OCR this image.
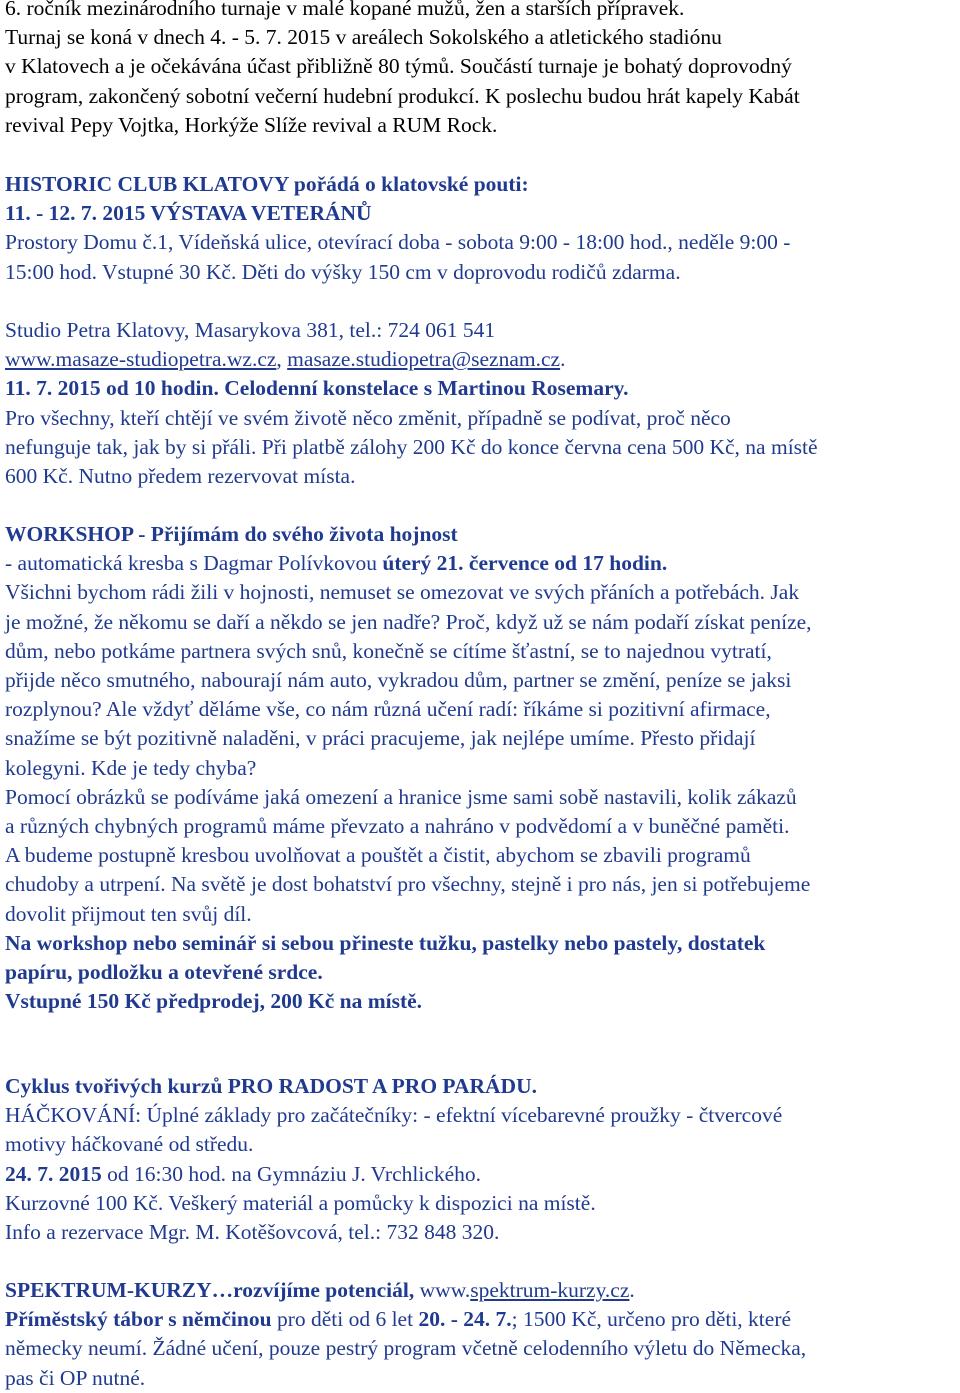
6. ročník mezinárodního turnaje v malé kopané mužů, žen a starších přípravek.
Turnaj se koná v dnech 4. - 5. 7. 2015 v areálech Sokolského a atletického stadiónu
v Klatovech a je očekávána účast přibližně 80 týmů. Součástí turnaje je bohatý doprovodný
program, zakončený sobotní večerní hudební produkcí. K poslechu budou hrát kapely Kabát
revival Pepy Vojtka, Horkýže Slíže revival a RUM Rock.
HISTORIC CLUB KLATOVY pořádá o klatovské pouti:
11. - 12. 7. 2015 VÝSTAVA VETERÁNŮ
Prostory Domu č.1, Vídeňská ulice, otevírací doba - sobota 9:00 - 18:00 hod., neděle 9:00 -
15:00 hod. Vstupné 30 Kč. Děti do výšky 150 cm v doprovodu rodičů zdarma.
Studio Petra Klatovy, Masarykova 381, tel.: 724 061 541
www.masaze-studiopetra.wz.cz, masaze.studiopetra@seznam.cz.
11. 7. 2015 od 10 hodin. Celodenní konstelace s Martinou Rosemary.
Pro všechny, kteří chtějí ve svém životě něco změnit, případně se podívat, proč něco
nefunguje tak, jak by si přáli. Při platbě zálohy 200 Kč do konce června cena 500 Kč, na místě
600 Kč. Nutno předem rezervovat místa.
WORKSHOP - Přijímám do svého života hojnost
- automatická kresba s Dagmar Polívkovou úterý 21. července od 17 hodin.
Všichni bychom rádi žili v hojnosti, nemuset se omezovat ve svých přáních a potřebách. Jak
je možné, že někomu se daří a někdo se jen nadře? Proč, když už se nám podaří získat peníze,
dům, nebo potkáme partnera svých snů, konečně se cítíme šťastní, se to najednou vytratí,
přijde něco smutného, nabourají nám auto, vykradou dům, partner se změní, peníze se jaksi
rozplynou? Ale vždyť děláme vše, co nám různá učení radí: říkáme si pozitivní afirmace,
snažíme se být pozitivně naladěni, v práci pracujeme, jak nejlépe umíme. Přesto přidají
kolegyni. Kde je tedy chyba?
Pomocí obrázků se podíváme jaká omezení a hranice jsme sami sobě nastavili, kolik zákazů
a různých chybných programů máme převzato a nahráno v podvědomí a v buněčné paměti.
A budeme postupně kresbou uvolňovat a pouštět a čistit, abychom se zbavili programů
chudoby a utrpení. Na světě je dost bohatství pro všechny, stejně i pro nás, jen si potřebujeme
dovolit přijmout ten svůj díl.
Na workshop nebo seminář si sebou přineste tužku, pastelky nebo pastely, dostatek
papíru, podložku a otevřené srdce.
Vstupné 150 Kč předprodej, 200 Kč na místě.
Cyklus tvořivých kurzů PRO RADOST A PRO PARÁDU.
HÁČKOVÁNÍ: Úplné základy pro začátečníky: - efektní vícebarevné proužky - čtvercové
motivy háčkované od středu.
24. 7. 2015 od 16:30 hod. na Gymnáziu J. Vrchlického.
Kurzovné 100 Kč. Veškerý materiál a pomůcky k dispozici na místě.
Info a rezervace Mgr. M. Kotěšovcová, tel.: 732 848 320.
SPEKTRUM-KURZY…rozvíjíme potenciál, www.spektrum-kurzy.cz.
Příměstský tábor s němčinou pro děti od 6 let 20. - 24. 7.; 1500 Kč, určeno pro děti, které
německy neumí. Žádné učení, pouze pestrý program včetně celodenního výletu do Německa,
pas či OP nutné.
